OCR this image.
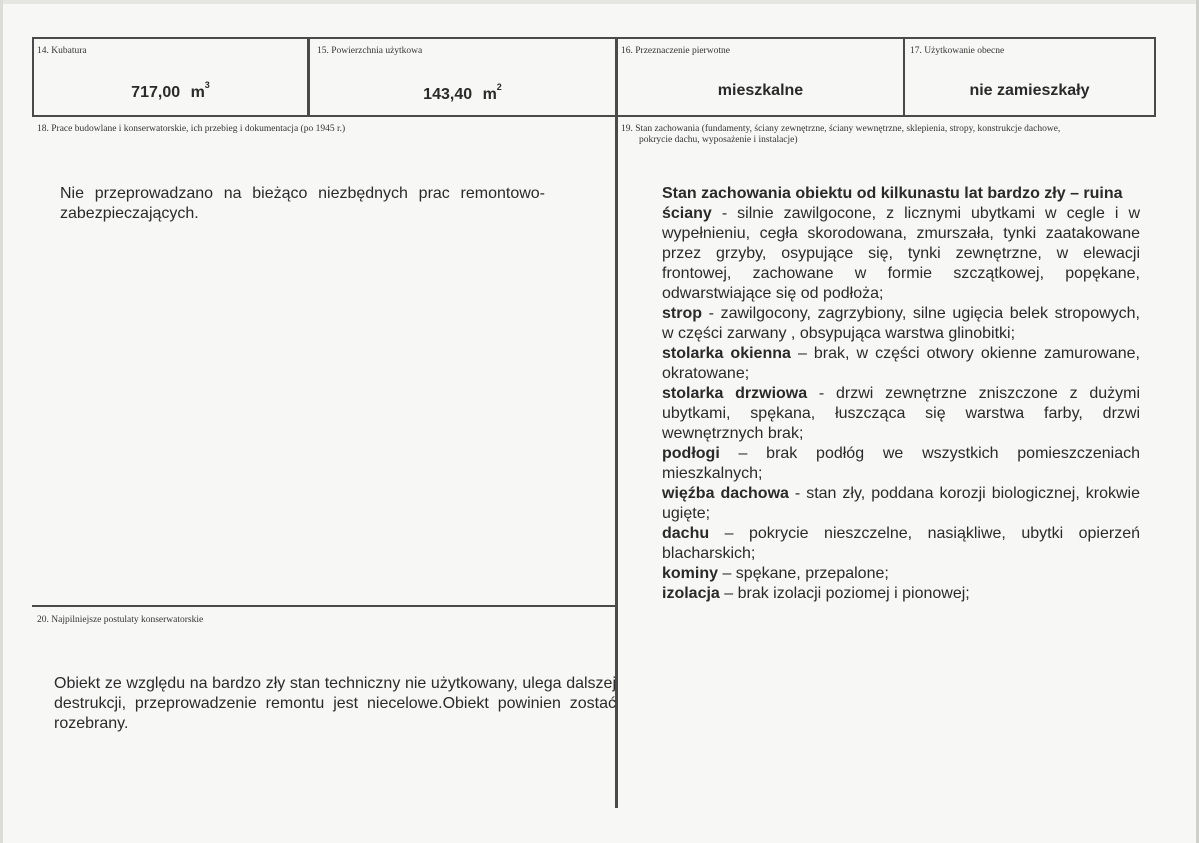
14. Kubatura
717,00 $m^3$
15. Powierzchnia użytkowa
143,40 $m^2$
16. Przeznaczenie pierwotne
mieszkalne
17. Użytkowanie obecne
nie zamieszkały
18. Prace budowlane i konserwatorskie, ich przebieg i dokumentacja (po 1945 r.)
Nie przeprowadzano na bieżąco niezbędnych prac remontowo-zabezpieczających.
19. Stan zachowania (fundamenty, ściany zewnętrzne, ściany wewnętrzne, sklepienia, stropy, konstrukcje dachowe,
pokrycie dachu, wyposażenie i instalacje)

Stan zachowania obiektu od kilkunastu lat bardzo zły – ruina

ściany - silnie zawilgocone, z licznymi ubytkami w cegle i w wypełnieniu, cegła skorodowana, zmurszała, tynki zaatakowane przez grzyby, osypujące się, tynki zewnętrzne, w elewacji frontowej, zachowane w formie szczątkowej, popękane, odwarstwiające się od podłoża;

strop - zawilgocony, zagrzybiony, silne ugięcia belek stropowych, w części zarwany , obsypująca warstwa glinobitki;

stolarka okienna – brak, w części otwory okienne zamurowane, okratowane;

stolarka drzwiowa - drzwi zewnętrzne zniszczone z dużymi ubytkami, spękana, łuszcząca się warstwa farby, drzwi wewnętrznych brak;

podłogi – brak podłóg we wszystkich pomieszczeniach mieszkalnych;

więźba dachowa - stan zły, poddana korozji biologicznej, krokwie ugięte;

dachu – pokrycie nieszczelne, nasiąkliwe, ubytki opierzeń blacharskich;

kominy – spękane, przepalone;

izolacja – brak izolacji poziomej i pionowej;

20. Najpilniejsze postulaty konserwatorskie
Obiekt ze względu na bardzo zły stan techniczny nie użytkowany, ulega dalszej destrukcji, przeprowadzenie remontu jest niecelowe.Obiekt powinien zostać rozebrany.
